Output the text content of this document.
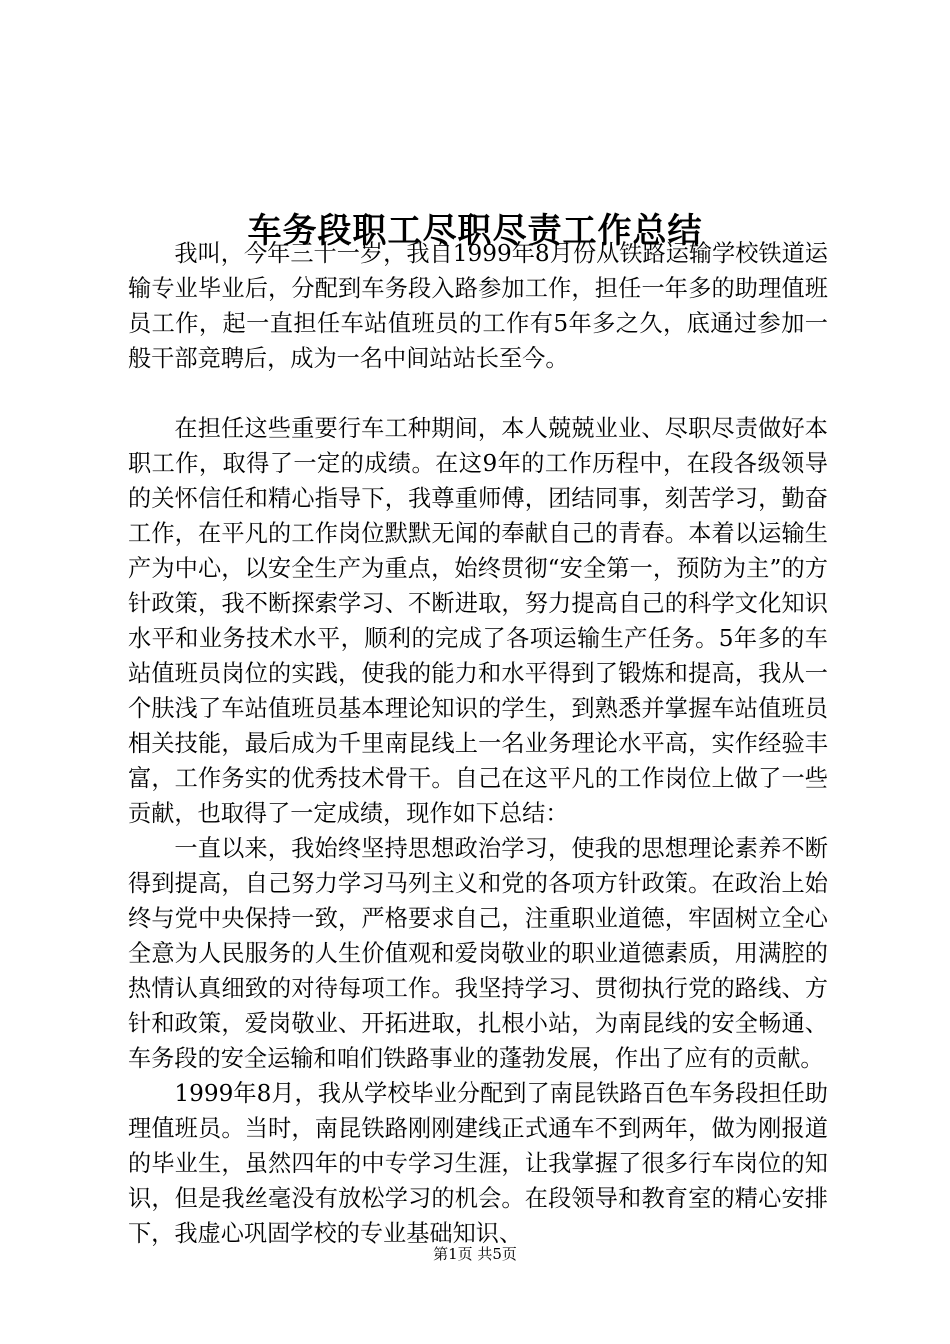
车务段职工尽职尽责工作总结

我叫，今年三十一岁，我自1999年8月份从铁路运输学校铁道运输专业毕业后，分配到车务段入路参加工作，担任一年多的助理值班员工作，起一直担任车站值班员的工作有5年多之久，底通过参加一般干部竞聘后，成为一名中间站站长至今。

在担任这些重要行车工种期间，本人兢兢业业、尽职尽责做好本职工作，取得了一定的成绩。在这9年的工作历程中，在段各级领导的关怀信任和精心指导下，我尊重师傅，团结同事，刻苦学习，勤奋工作，在平凡的工作岗位默默无闻的奉献自己的青春。本着以运输生产为中心，以安全生产为重点，始终贯彻“安全第一，预防为主”的方针政策，我不断探索学习、不断进取，努力提高自己的科学文化知识水平和业务技术水平，顺利的完成了各项运输生产任务。5年多的车站值班员岗位的实践，使我的能力和水平得到了锻炼和提高，我从一个肤浅了车站值班员基本理论知识的学生，到熟悉并掌握车站值班员相关技能，最后成为千里南昆线上一名业务理论水平高，实作经验丰富，工作务实的优秀技术骨干。自己在这平凡的工作岗位上做了一些贡献，也取得了一定成绩，现作如下总结：

一直以来，我始终坚持思想政治学习，使我的思想理论素养不断得到提高，自己努力学习马列主义和党的各项方针政策。在政治上始终与党中央保持一致，严格要求自己，注重职业道德，牢固树立全心全意为人民服务的人生价值观和爱岗敬业的职业道德素质，用满腔的热情认真细致的对待每项工作。我坚持学习、贯彻执行党的路线、方针和政策，爱岗敬业、开拓进取，扎根小站，为南昆线的安全畅通、车务段的安全运输和咱们铁路事业的蓬勃发展，作出了应有的贡献。

1999年8月，我从学校毕业分配到了南昆铁路百色车务段担任助理值班员。当时，南昆铁路刚刚建线正式通车不到两年，做为刚报道的毕业生，虽然四年的中专学习生涯，让我掌握了很多行车岗位的知识，但是我丝毫没有放松学习的机会。在段领导和教育室的精心安排下，我虚心巩固学校的专业基础知识、

第1页 共5页
